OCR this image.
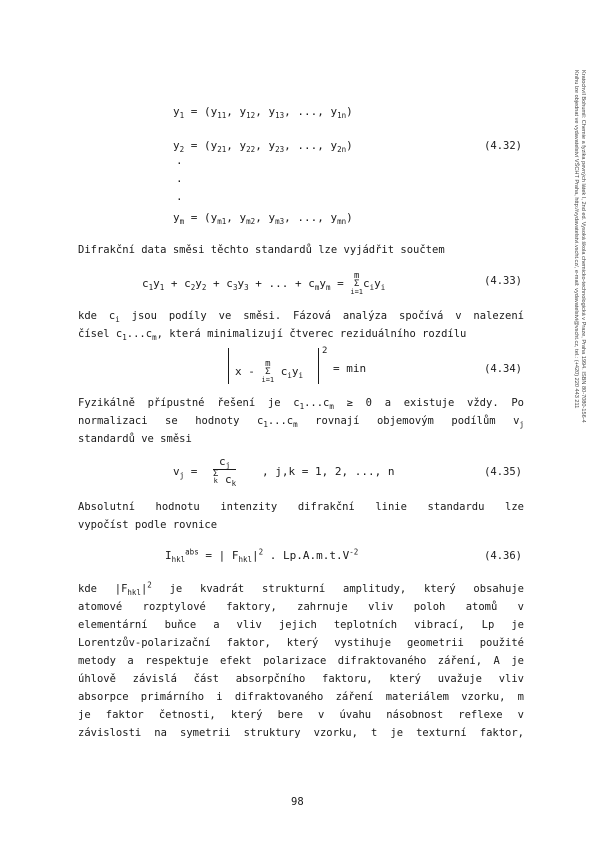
Kratochvíl Bohumil: Chemie a fyzika pevných látek I, 2nd ed. Vysoká škola chemicko-technologická v Praze, Praha 1994. ISBN 80-7080-156-4
Knihu lze objednat ve vydavatelství VŠCHT Praha, http://vydavatelstvi.vscht.cz/, e-mail: vydavatelstvi@vscht.cz, tel.: (+420) 220 443 211
$y_1 = (y_{11}$, $y_{12}$, $y_{13}$, ..., $y_{1n}$)
$y_2 = (y_{21}$, $y_{22}$, $y_{23}$, ..., $y_{2n}$)	(4.32)
.
.
.
$y_m = (y_{m1}$, $y_{m2}$, $y_{m3}$, ..., $y_{mn}$)
Difrakční data směsi těchto standardů lze vyjádřit součtem
$c_1y_1 + c_2y_2 + c_3y_3$ + ... + $c_my_m = m$
Σ
$i=1c_iy_i$
(4.33)
kde $c_i$ jsou podíly ve směsi. Fázová analýza spočívá v nalezení
čísel $c_1...c_m$, která minimalizují čtverec reziduálního rozdílu
x - m
Σ
i=1 $c_iy_i$
2
= min	(4.34)
Fyzikálně přípustné řešení je $c_1...c_m \ge 0$ a existuje vždy. Po
normalizaci se hodnoty $c_1...c_m$ rovnají objemovým podílům $v_j$
standardů ve směsi
$v_j$ =
$c_j$
Σ
k $c_k$
, j,k = 1, 2, ..., n	(4.35)
Absolutní hodnotu intenzity difrakční linie standardu lze
vypočíst podle rovnice
$I_{hkl}^{abs}$ = | $F_{hkl}|^2$ . $Lp.A.m.t.V^{-2}$	(4.36)
kde $|F_{hkl}|^2$ je kvadrát strukturní amplitudy, který obsahuje
atomové rozptylové faktory, zahrnuje vliv poloh atomů v
elementární buňce a vliv jejich teplotních vibrací, Lp je
Lorentzův-polarizační faktor, který vystihuje geometrii použité
metody a respektuje efekt polarizace difraktovaného záření, A je
úhlově závislá část absorpčního faktoru, který uvažuje vliv
absorpce primárního i difraktovaného záření materiálem vzorku, m
je faktor četnosti, který bere v úvahu násobnost reflexe v
závislosti na symetrii struktury vzorku, t je texturní faktor,
98
